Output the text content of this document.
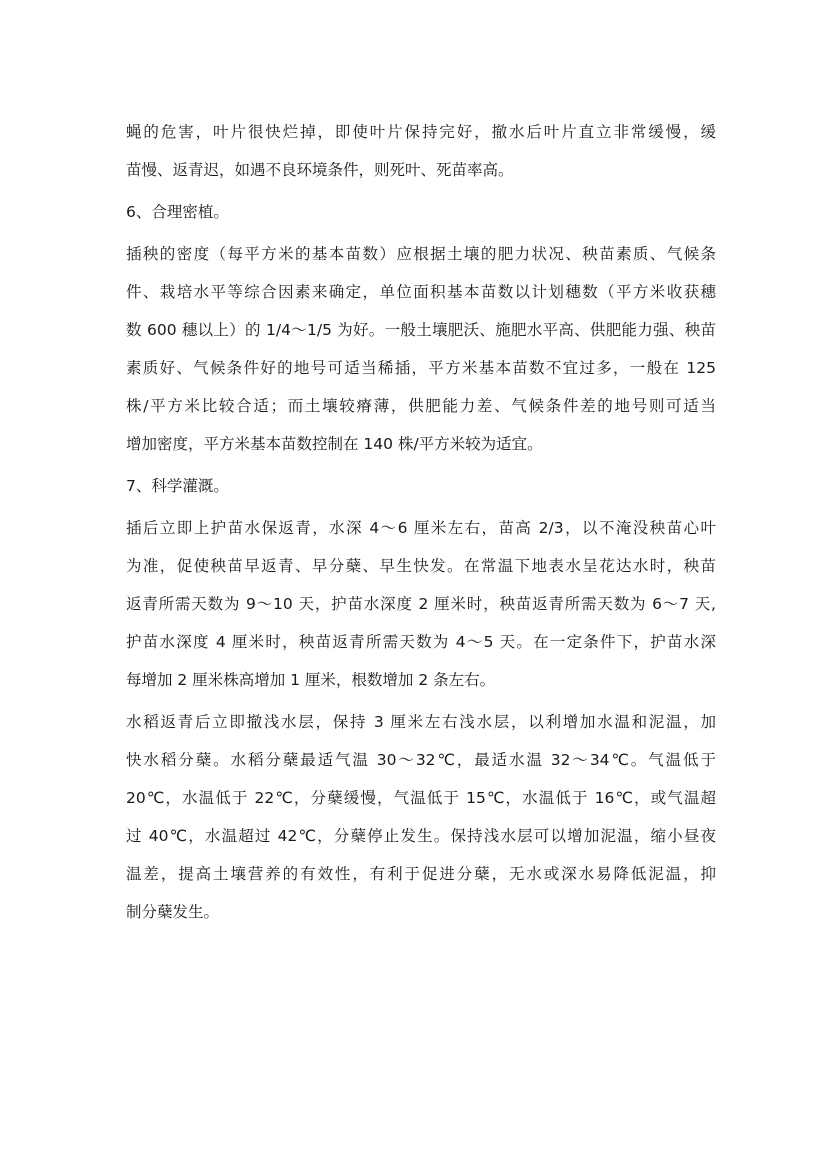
蝇的危害，叶片很快烂掉，即使叶片保持完好，撤水后叶片直立非常缓慢，缓
苗慢、返青迟，如遇不良环境条件，则死叶、死苗率高。
6、合理密植。
插秧的密度（每平方米的基本苗数）应根据土壤的肥力状况、秧苗素质、气候条
件、栽培水平等综合因素来确定，单位面积基本苗数以计划穗数（平方米收获穗
数 600 穗以上）的 1/4～1/5 为好。一般土壤肥沃、施肥水平高、供肥能力强、秧苗
素质好、气候条件好的地号可适当稀插，平方米基本苗数不宜过多，一般在 125
株/平方米比较合适；而土壤较瘠薄，供肥能力差、气候条件差的地号则可适当
增加密度，平方米基本苗数控制在 140 株/平方米较为适宜。
7、科学灌溉。
插后立即上护苗水保返青，水深 4～6 厘米左右，苗高 2/3，以不淹没秧苗心叶
为准，促使秧苗早返青、早分蘖、早生快发。在常温下地表水呈花达水时，秧苗
返青所需天数为 9～10 天，护苗水深度 2 厘米时，秧苗返青所需天数为 6～7 天,
护苗水深度 4 厘米时，秧苗返青所需天数为 4～5 天。在一定条件下，护苗水深
每增加 2 厘米株高增加 1 厘米，根数增加 2 条左右。
水稻返青后立即撤浅水层，保持 3 厘米左右浅水层，以利增加水温和泥温，加
快水稻分蘖。水稻分蘖最适气温 30～32℃，最适水温 32～34℃。气温低于
20℃，水温低于 22℃，分蘖缓慢，气温低于 15℃，水温低于 16℃，或气温超
过 40℃，水温超过 42℃，分蘖停止发生。保持浅水层可以增加泥温，缩小昼夜
温差，提高土壤营养的有效性，有利于促进分蘖，无水或深水易降低泥温，抑
制分蘖发生。
